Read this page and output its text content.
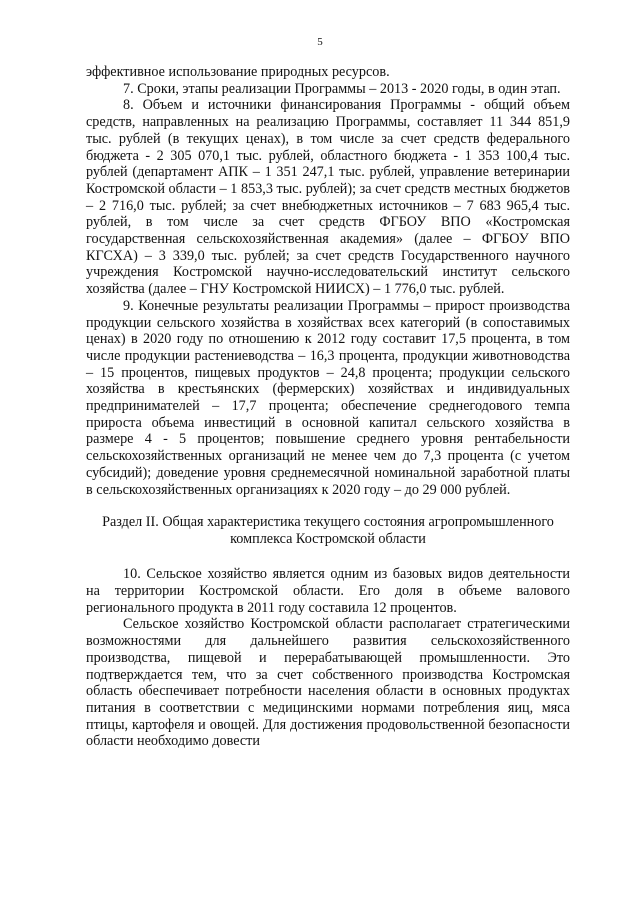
5

эффективное использование природных ресурсов.

7. Сроки, этапы реализации Программы – 2013 - 2020 годы, в один этап.

8. Объем и источники финансирования Программы - общий объем средств, направленных на реализацию Программы, составляет 11 344 851,9 тыс. рублей (в текущих ценах), в том числе за счет средств федерального бюджета - 2 305 070,1 тыс. рублей, областного бюджета - 1 353 100,4 тыс. рублей (департамент АПК – 1 351 247,1 тыс. рублей, управление ветеринарии Костромской области – 1 853,3 тыс. рублей); за счет средств местных бюджетов – 2 716,0 тыс. рублей; за счет внебюджетных источников – 7 683 965,4 тыс. рублей, в том числе за счет средств ФГБОУ ВПО «Костромская государственная сельскохозяйственная академия» (далее – ФГБОУ ВПО КГСХА) – 3 339,0 тыс. рублей; за счет средств Государственного научного учреждения Костромской научно-исследовательский институт сельского хозяйства (далее – ГНУ Костромской НИИСХ) – 1 776,0 тыс. рублей.

9. Конечные результаты реализации Программы – прирост производства продукции сельского хозяйства в хозяйствах всех категорий (в сопоставимых ценах) в 2020 году по отношению к 2012 году составит 17,5 процента, в том числе продукции растениеводства – 16,3 процента, продукции животноводства – 15 процентов, пищевых продуктов – 24,8 процента; продукции сельского хозяйства в крестьянских (фермерских) хозяйствах и индивидуальных предпринимателей – 17,7 процента; обеспечение среднегодового темпа прироста объема инвестиций в основной капитал сельского хозяйства в размере 4 - 5 процентов; повышение среднего уровня рентабельности сельскохозяйственных организаций не менее чем до 7,3 процента (с учетом субсидий); доведение уровня среднемесячной номинальной заработной платы в сельскохозяйственных организациях к 2020 году – до 29 000 рублей.

Раздел II. Общая характеристика текущего состояния агропромышленного
комплекса Костромской области

10. Сельское хозяйство является одним из базовых видов деятельности на территории Костромской области. Его доля в объеме валового регионального продукта в 2011 году составила 12 процентов.

Сельское хозяйство Костромской области располагает стратегическими возможностями для дальнейшего развития сельскохозяйственного производства, пищевой и перерабатывающей промышленности. Это подтверждается тем, что за счет собственного производства Костромская область обеспечивает потребности населения области в основных продуктах питания в соответствии с медицинскими нормами потребления яиц, мяса птицы, картофеля и овощей. Для достижения продовольственной безопасности области необходимо довести
